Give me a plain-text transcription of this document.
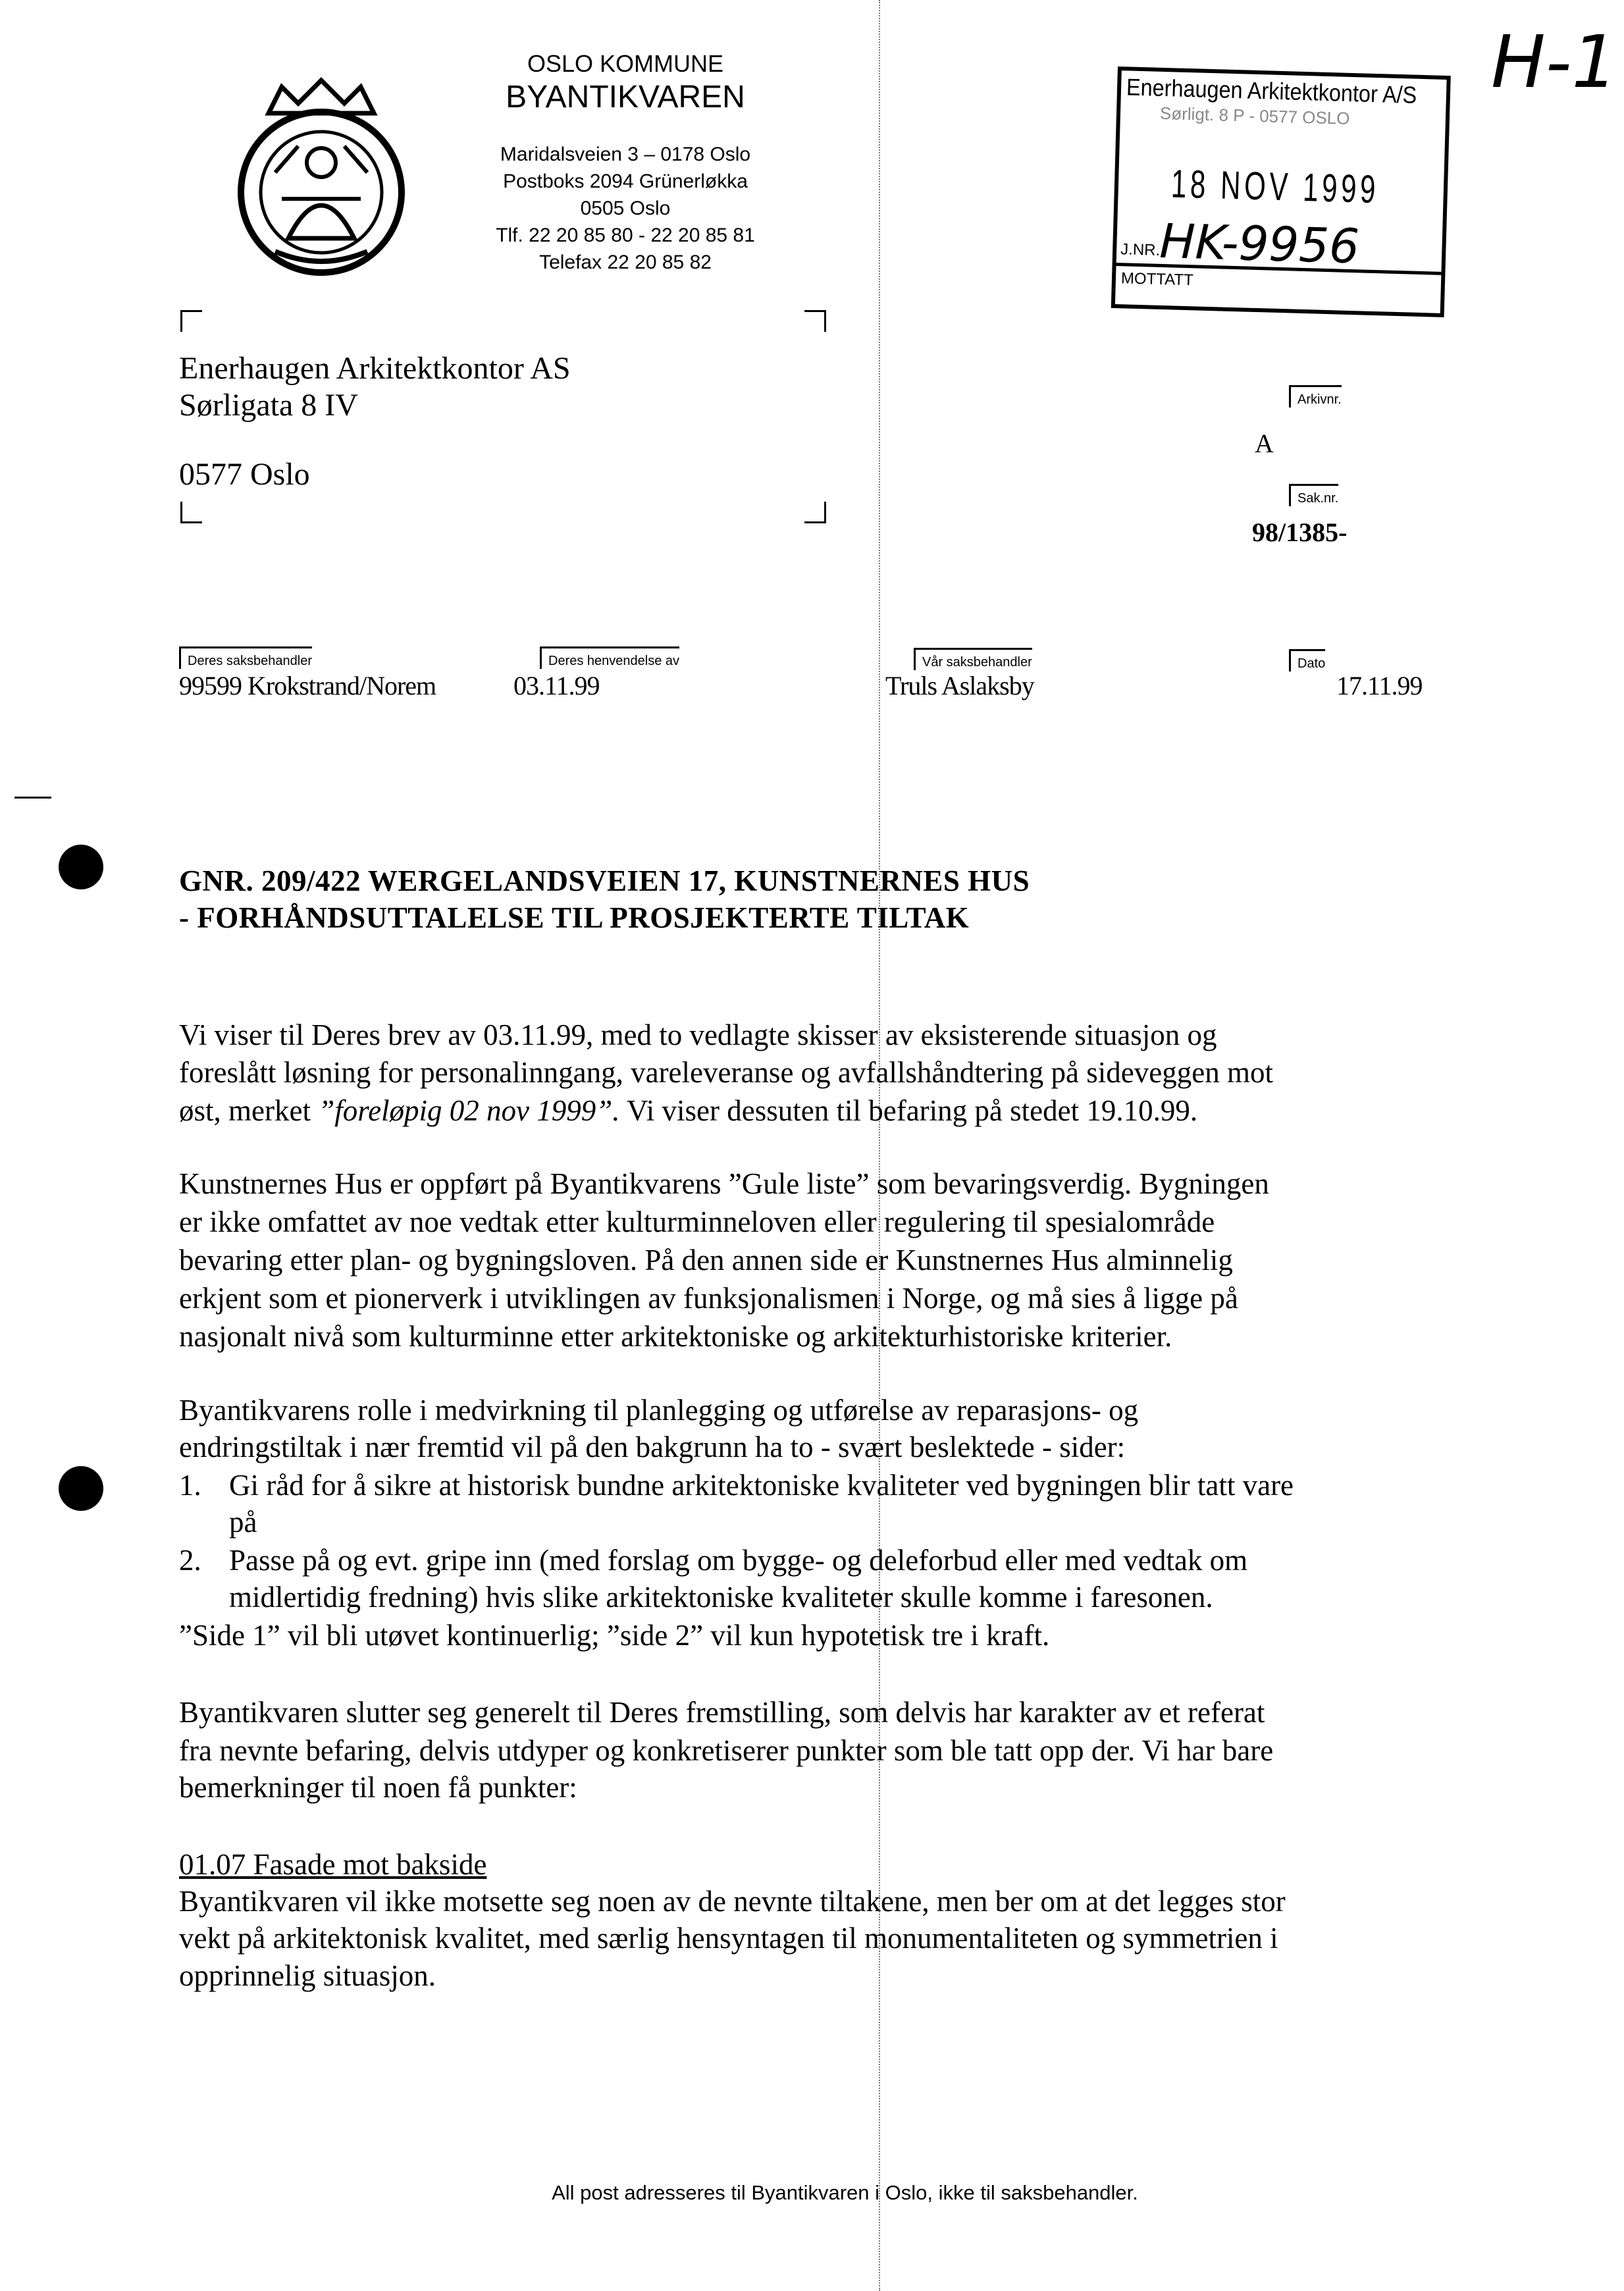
OSLO KOMMUNE
BYANTIKVAREN
Maridalsveien 3 – 0178 Oslo
Postboks 2094 Grünerløkka
0505 Oslo
Tlf. 22 20 85 80 - 22 20 85 81
Telefax 22 20 85 82
H-1
Enerhaugen Arkitektkontor A/S
Sørligt. 8 P - 0577 OSLO
18 NOV 1999
J.NR.
HK-9956
MOTTATT
Enerhaugen Arkitektkontor AS
Sørligata 8 IV
0577 Oslo
Arkivnr.
A
Sak.nr.
98/1385-
Deres saksbehandler
99599 Krokstrand/Norem
Deres henvendelse av
03.11.99
Vår saksbehandler
Truls Aslaksby
Dato
17.11.99
GNR. 209/422 WERGELANDSVEIEN 17, KUNSTNERNES HUS
- FORHÅNDSUTTALELSE TIL PROSJEKTERTE TILTAK
Vi viser til Deres brev av 03.11.99, med to vedlagte skisser av eksisterende situasjon og
foreslått løsning for personalinngang, vareleveranse og avfallshåndtering på sideveggen mot
øst, merket ”foreløpig 02 nov 1999”. Vi viser dessuten til befaring på stedet 19.10.99.
Kunstnernes Hus er oppført på Byantikvarens ”Gule liste” som bevaringsverdig. Bygningen
er ikke omfattet av noe vedtak etter kulturminneloven eller regulering til spesialområde
bevaring etter plan- og bygningsloven. På den annen side er Kunstnernes Hus alminnelig
erkjent som et pionerverk i utviklingen av funksjonalismen i Norge, og må sies å ligge på
nasjonalt nivå som kulturminne etter arkitektoniske og arkitekturhistoriske kriterier.
Byantikvarens rolle i medvirkning til planlegging og utførelse av reparasjons- og
endringstiltak i nær fremtid vil på den bakgrunn ha to - svært beslektede - sider:
1. Gi råd for å sikre at historisk bundne arkitektoniske kvaliteter ved bygningen blir tatt vare
på
2. Passe på og evt. gripe inn (med forslag om bygge- og deleforbud eller med vedtak om
midlertidig fredning) hvis slike arkitektoniske kvaliteter skulle komme i faresonen.
”Side 1” vil bli utøvet kontinuerlig; ”side 2” vil kun hypotetisk tre i kraft.
Byantikvaren slutter seg generelt til Deres fremstilling, som delvis har karakter av et referat
fra nevnte befaring, delvis utdyper og konkretiserer punkter som ble tatt opp der. Vi har bare
bemerkninger til noen få punkter:
01.07 Fasade mot bakside
Byantikvaren vil ikke motsette seg noen av de nevnte tiltakene, men ber om at det legges stor
vekt på arkitektonisk kvalitet, med særlig hensyntagen til monumentaliteten og symmetrien i
opprinnelig situasjon.
All post adresseres til Byantikvaren i Oslo, ikke til saksbehandler.
